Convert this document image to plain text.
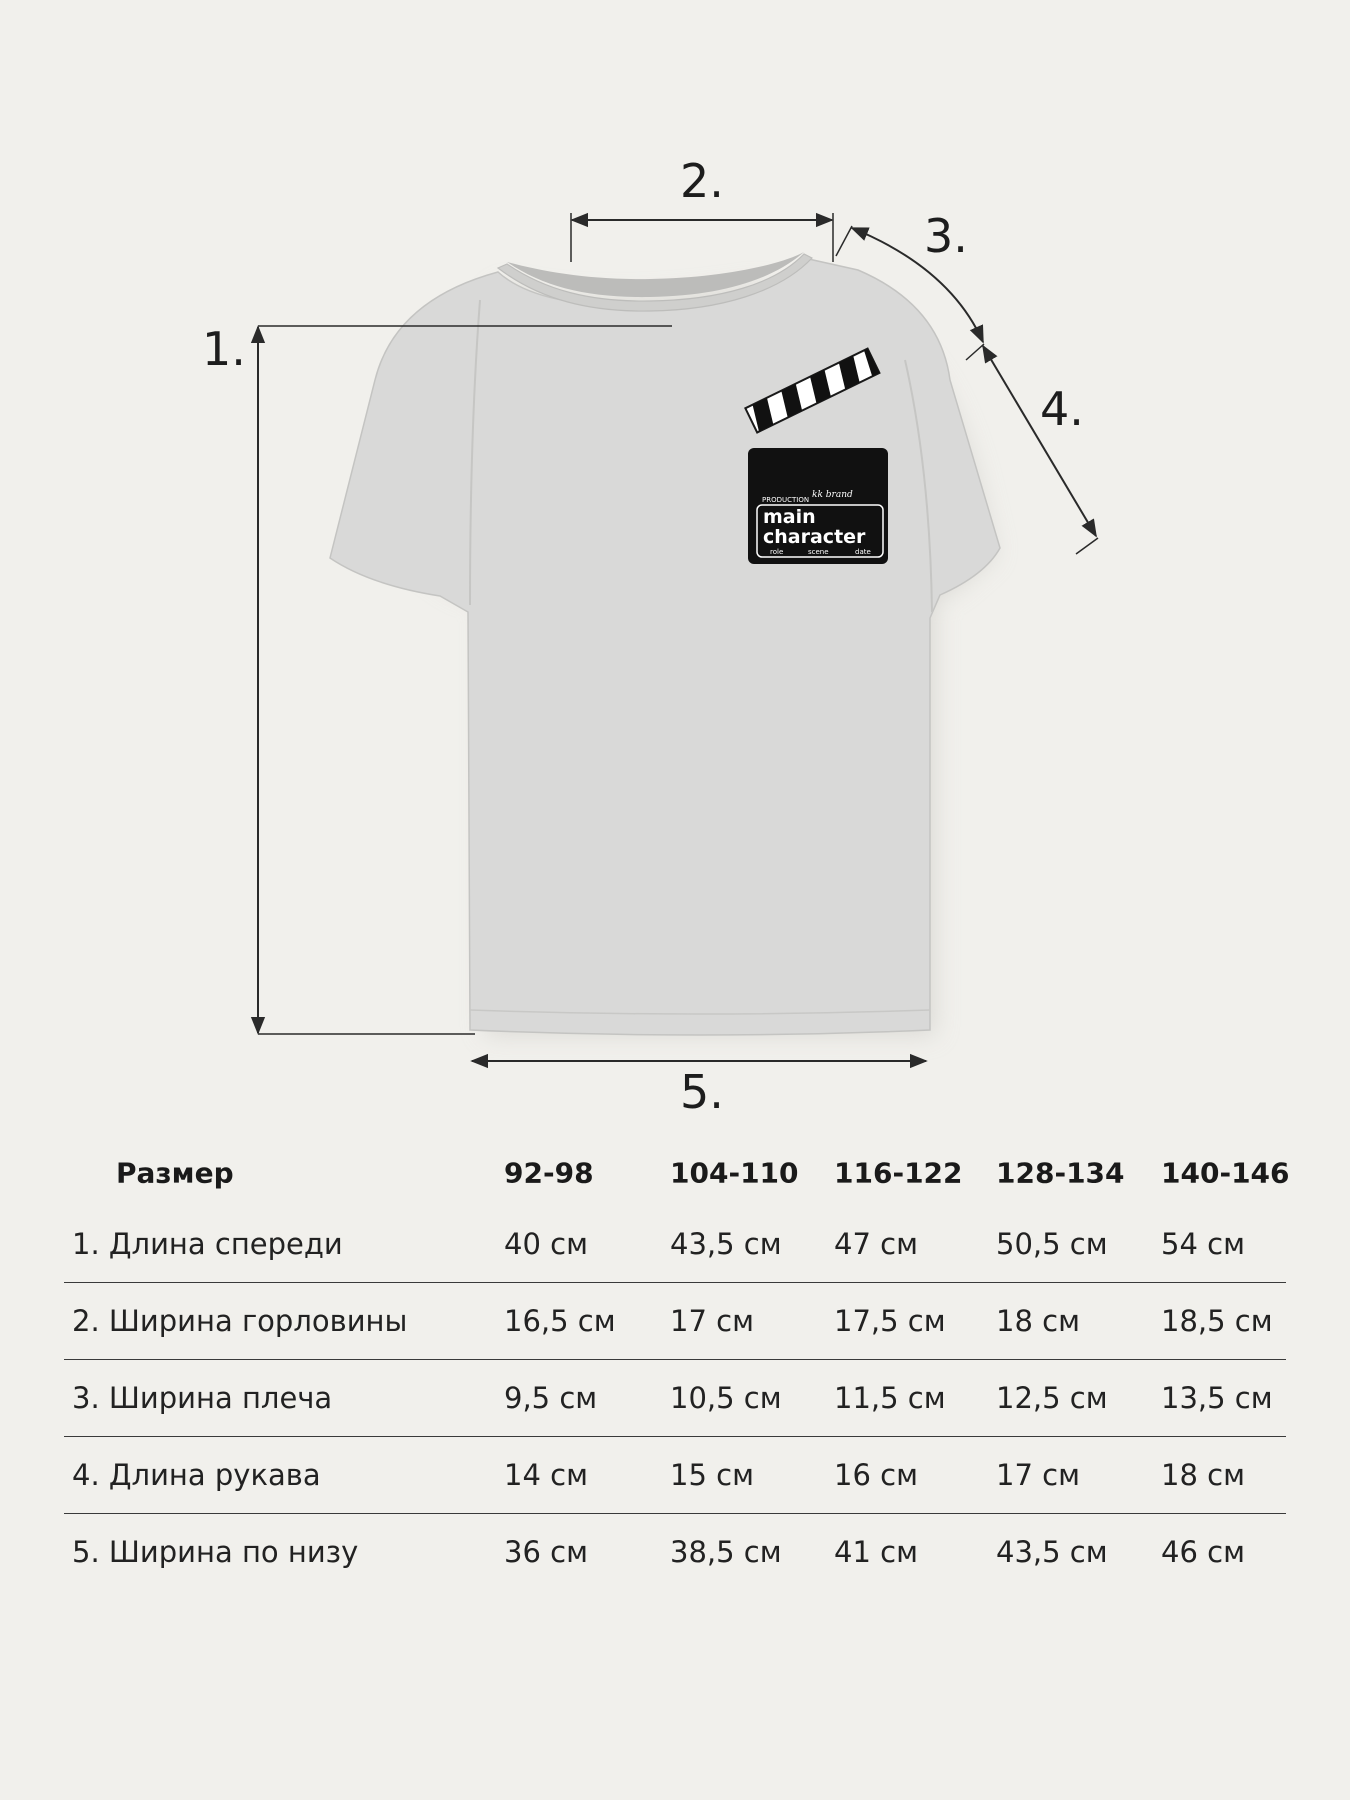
PRODUCTION kk brand
main
character
role	scene	date
1.
2.
3.
4.
5.
Размер	92-98	104-110 116-122 128-134 140-146
1. Длина спереди	40 см	43,5 см 47 см	50,5 см 54 см
2. Ширина горловины	16,5 см 17 см	17,5 см 18 см	18,5 см
3. Ширина плеча	9,5 см	10,5 см 11,5 см 12,5 см 13,5 см
4. Длина рукава	14 см	15 см	16 см	17 см	18 см
5. Ширина по низу	36 см	38,5 см 41 см	43,5 см 46 см
